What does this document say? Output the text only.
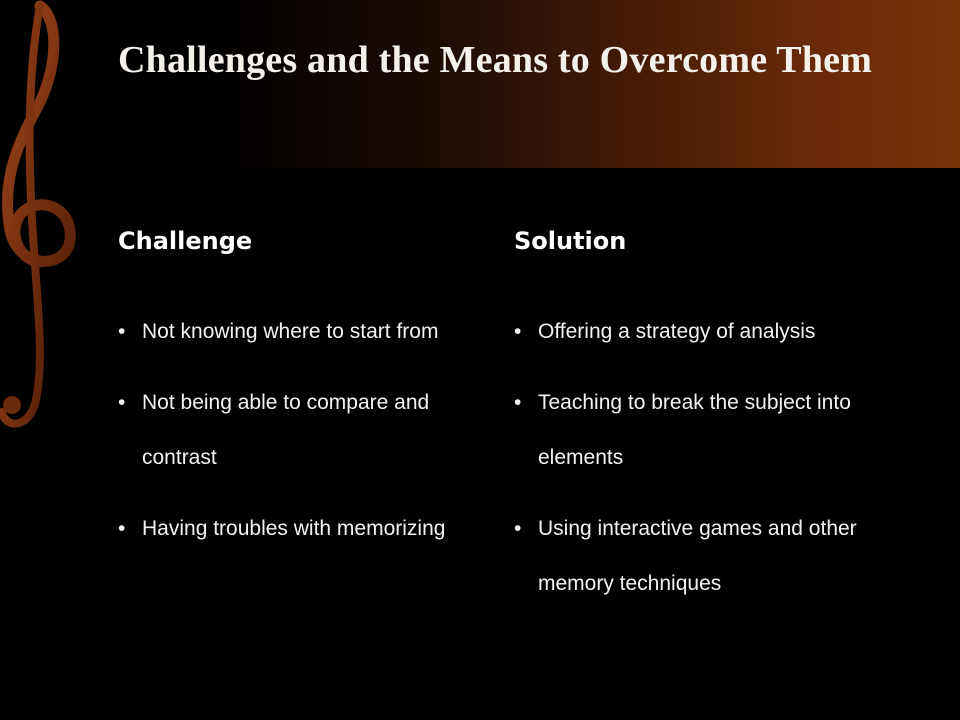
Challenges and the Means to Overcome Them
Challenge	Solution
• Not knowing where to start from
• Not being able to compare and contrast
• Having troubles with memorizing
• Offering a strategy of analysis
• Teaching to break the subject into elements
• Using interactive games and other memory techniques
